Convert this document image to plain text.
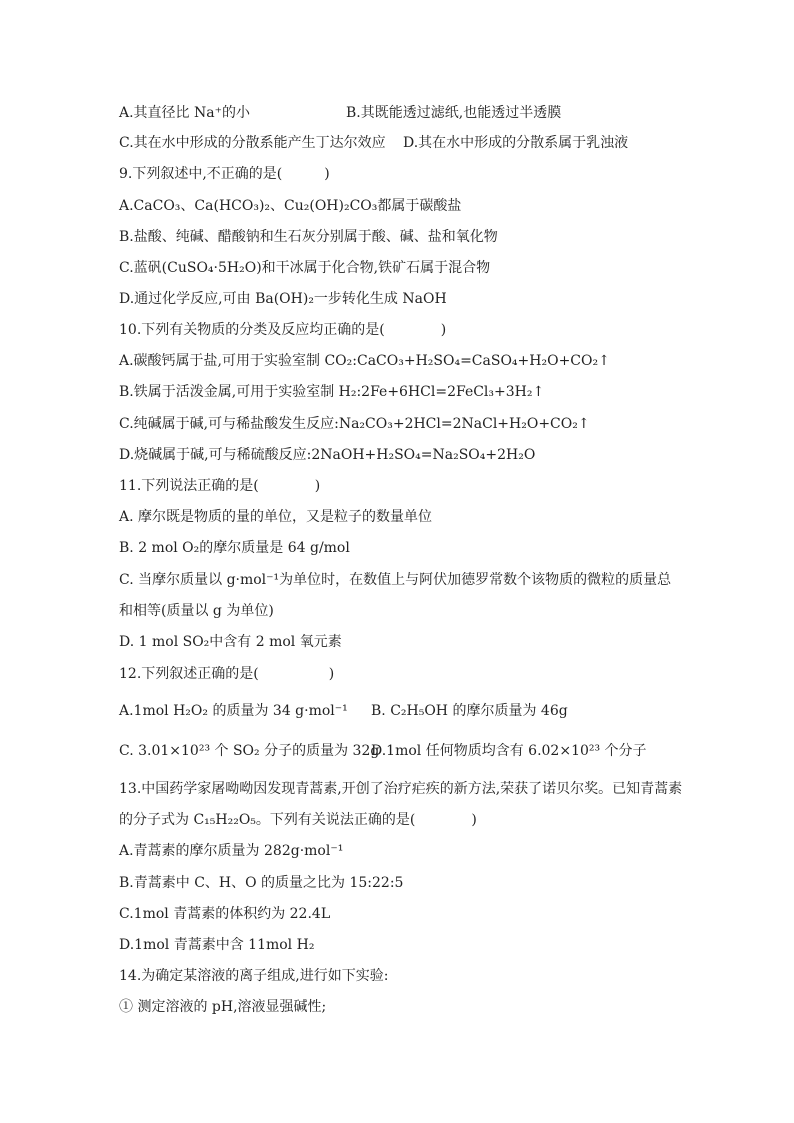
A.其直径比 Na⁺的小	B.其既能透过滤纸,也能透过半透膜
C.其在水中形成的分散系能产生丁达尔效应 D.其在水中形成的分散系属于乳浊液
9.下列叙述中,不正确的是(　　　)
A.CaCO₃、Ca(HCO₃)₂、Cu₂(OH)₂CO₃都属于碳酸盐
B.盐酸、纯碱、醋酸钠和生石灰分别属于酸、碱、盐和氧化物
C.蓝矾(CuSO₄·5H₂O)和干冰属于化合物,铁矿石属于混合物
D.通过化学反应,可由 Ba(OH)₂一步转化生成 NaOH
10.下列有关物质的分类及反应均正确的是(　　　　)
A.碳酸钙属于盐,可用于实验室制 CO₂:CaCO₃+H₂SO₄=CaSO₄+H₂O+CO₂↑
B.铁属于活泼金属,可用于实验室制 H₂:2Fe+6HCl=2FeCl₃+3H₂↑
C.纯碱属于碱,可与稀盐酸发生反应:Na₂CO₃+2HCl=2NaCl+H₂O+CO₂↑
D.烧碱属于碱,可与稀硫酸反应:2NaOH+H₂SO₄=Na₂SO₄+2H₂O
11.下列说法正确的是(　　　　)
A. 摩尔既是物质的量的单位，又是粒子的数量单位
B. 2 mol O₂的摩尔质量是 64 g/mol
C. 当摩尔质量以 g·mol⁻¹为单位时，在数值上与阿伏加德罗常数个该物质的微粒的质量总
和相等(质量以 g 为单位)
D. 1 mol SO₂中含有 2 mol 氧元素
12.下列叙述正确的是(　　　　　)
A.1mol H₂O₂ 的质量为 34 g·mol⁻¹ B. C₂H₅OH 的摩尔质量为 46g
C. 3.01×10²³ 个 SO₂ 分子的质量为 32g
D.1mol 任何物质均含有 6.02×10²³ 个分子
13.中国药学家屠呦呦因发现青蒿素,开创了治疗疟疾的新方法,荣获了诺贝尔奖。已知青蒿素
的分子式为 C₁₅H₂₂O₅。下列有关说法正确的是(　　　　)
A.青蒿素的摩尔质量为 282g·mol⁻¹
B.青蒿素中 C、H、O 的质量之比为 15:22:5
C.1mol 青蒿素的体积约为 22.4L
D.1mol 青蒿素中含 11mol H₂
14.为确定某溶液的离子组成,进行如下实验:
① 测定溶液的 pH,溶液显强碱性;
